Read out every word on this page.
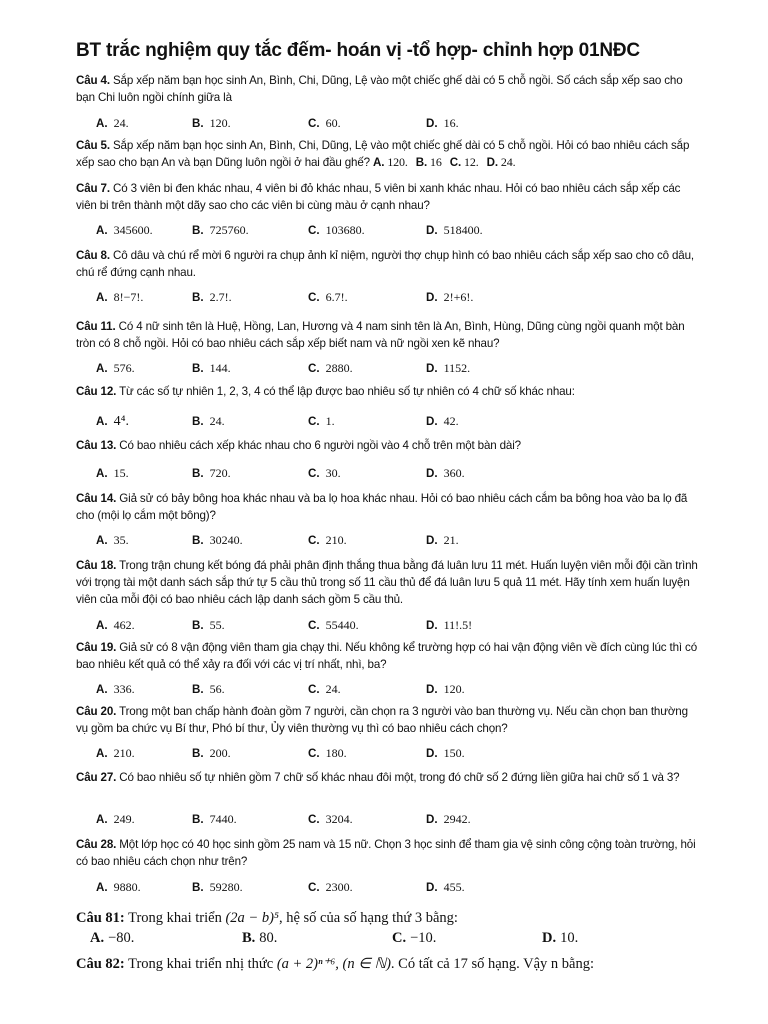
BT trắc nghiệm quy tắc đếm- hoán vị -tổ hợp- chỉnh hợp 01NĐC
Câu 4. Sắp xếp năm bạn học sinh An, Bình, Chi, Dũng, Lệ vào một chiếc ghế dài có 5 chỗ ngồi. Số cách sắp xếp sao cho bạn Chi luôn ngồi chính giữa là
A. 24.	B. 120.	C. 60.	D. 16.
Câu 5. Sắp xếp năm bạn học sinh An, Bình, Chi, Dũng, Lệ vào một chiếc ghế dài có 5 chỗ ngồi. Hỏi có bao nhiêu cách sắp xếp sao cho bạn An và bạn Dũng luôn ngồi ở hai đầu ghế? A. 120. B. 16 C. 12. D. 24.
Câu 7. Có 3 viên bi đen khác nhau, 4 viên bi đỏ khác nhau, 5 viên bi xanh khác nhau. Hỏi có bao nhiêu cách sắp xếp các viên bi trên thành một dãy sao cho các viên bi cùng màu ở cạnh nhau?
A. 345600.	B. 725760.	C. 103680.	D. 518400.
Câu 8. Cô dâu và chú rể mời 6 người ra chụp ảnh kỉ niệm, người thợ chụp hình có bao nhiêu cách sắp xếp sao cho cô dâu, chú rể đứng cạnh nhau.
A. 8!−7!.	B. 2.7!.	C. 6.7!.	D. 2!+6!.
Câu 11. Có 4 nữ sinh tên là Huệ, Hồng, Lan, Hương và 4 nam sinh tên là An, Bình, Hùng, Dũng cùng ngồi quanh một bàn tròn có 8 chỗ ngồi. Hỏi có bao nhiêu cách sắp xếp biết nam và nữ ngồi xen kẽ nhau?
A. 576.	B. 144.	C. 2880.	D. 1152.
Câu 12. Từ các số tự nhiên 1, 2, 3, 4 có thể lập được bao nhiêu số tự nhiên có 4 chữ số khác nhau:
A. 4⁴.	B. 24.	C. 1.	D. 42.
Câu 13. Có bao nhiêu cách xếp khác nhau cho 6 người ngồi vào 4 chỗ trên một bàn dài?
A. 15.	B. 720.	C. 30.	D. 360.
Câu 14. Giả sử có bảy bông hoa khác nhau và ba lọ hoa khác nhau. Hỏi có bao nhiêu cách cắm ba bông hoa vào ba lọ đã cho (mội lọ cắm một bông)?
A. 35.	B. 30240.	C. 210.	D. 21.
Câu 18. Trong trận chung kết bóng đá phải phân định thắng thua bằng đá luân lưu 11 mét. Huấn luyện viên mỗi đội cần trình với trọng tài một danh sách sắp thứ tự 5 cầu thủ trong số 11 cầu thủ để đá luân lưu 5 quả 11 mét. Hãy tính xem huấn luyện viên của mỗi đội có bao nhiêu cách lập danh sách gồm 5 cầu thủ.
A. 462.	B. 55.	C. 55440.	D. 11!.5!
Câu 19. Giả sử có 8 vận động viên tham gia chạy thi. Nếu không kể trường hợp có hai vận động viên về đích cùng lúc thì có bao nhiêu kết quả có thể xảy ra đối với các vị trí nhất, nhì, ba?
A. 336.	B. 56.	C. 24.	D. 120.
Câu 20. Trong một ban chấp hành đoàn gồm 7 người, cần chọn ra 3 người vào ban thường vụ. Nếu cần chọn ban thường vụ gồm ba chức vụ Bí thư, Phó bí thư, Ủy viên thường vụ thì có bao nhiêu cách chọn?
A. 210.	B. 200.	C. 180.	D. 150.
Câu 27. Có bao nhiêu số tự nhiên gồm 7 chữ số khác nhau đôi một, trong đó chữ số 2 đứng liền giữa hai chữ số 1 và 3?
A. 249.	B. 7440.	C. 3204.	D. 2942.
Câu 28. Một lớp học có 40 học sinh gồm 25 nam và 15 nữ. Chọn 3 học sinh để tham gia vệ sinh công cộng toàn trường, hỏi có bao nhiêu cách chọn như trên?
A. 9880.	B. 59280.	C. 2300.	D. 455.
Câu 81: Trong khai triển (2a − b)⁵, hệ số của số hạng thứ 3 bằng:
A. −80.	B. 80.	C. −10.	D. 10.
Câu 82: Trong khai triển nhị thức (a + 2)ⁿ⁺⁶, (n ∈ ℕ). Có tất cả 17 số hạng. Vậy n bằng:
